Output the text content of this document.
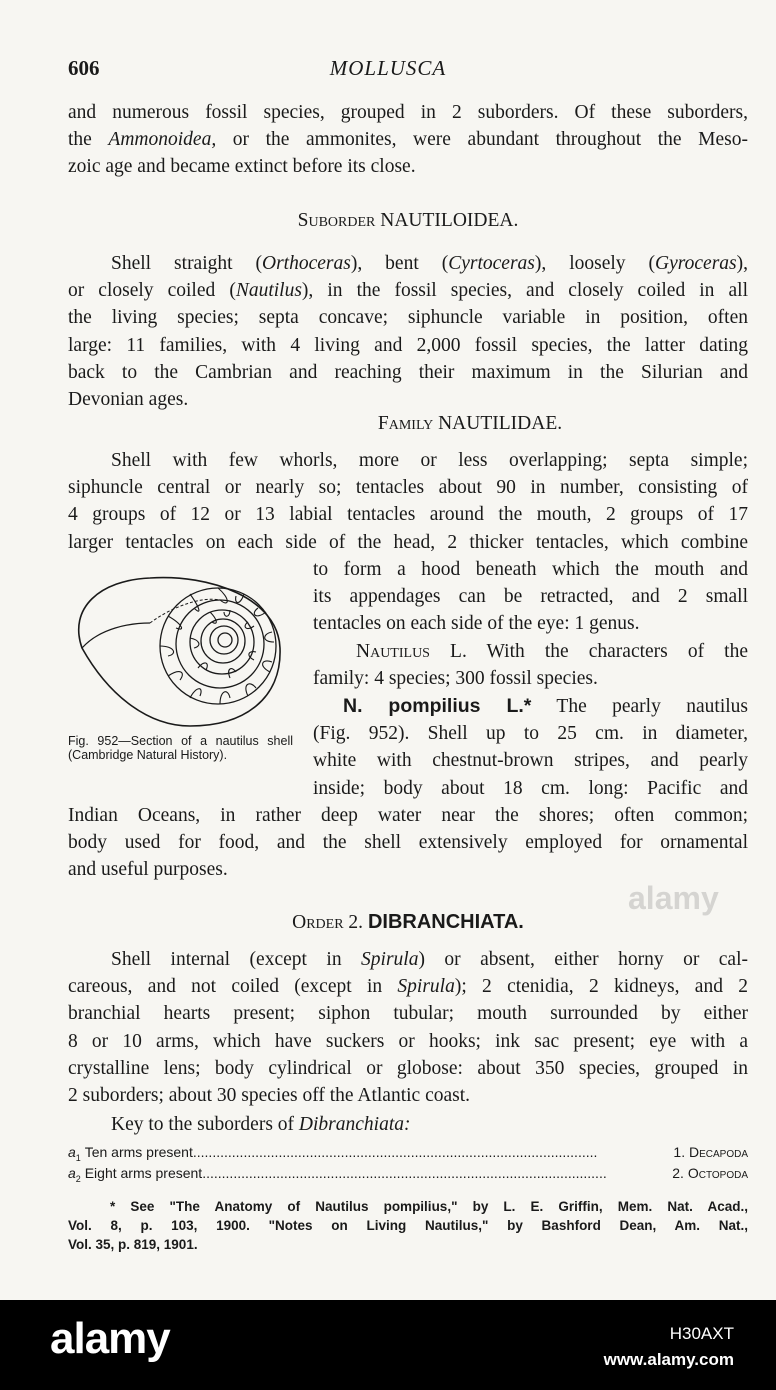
606	MOLLUSCA
and numerous fossil species, grouped in 2 suborders. Of these suborders,
the Ammonoidea, or the ammonites, were abundant throughout the Meso-
zoic age and became extinct before its close.
Suborder NAUTILOIDEA.
Shell straight (Orthoceras), bent (Cyrtoceras), loosely (Gyroceras),
or closely coiled (Nautilus), in the fossil species, and closely coiled in all
the living species; septa concave; siphuncle variable in position, often
large: 11 families, with 4 living and 2,000 fossil species, the latter dating
back to the Cambrian and reaching their maximum in the Silurian and
Devonian ages.
Family NAUTILIDAE.
Shell with few whorls, more or less overlapping; septa simple;
siphuncle central or nearly so; tentacles about 90 in number, consisting of
4 groups of 12 or 13 labial tentacles around the mouth, 2 groups of 17
larger tentacles on each side of the head, 2 thicker tentacles, which combine
to form a hood beneath which the mouth and
its appendages can be retracted, and 2 small
tentacles on each side of the eye: 1 genus.
Nautilus L. With the characters of the
family: 4 species; 300 fossil species.
N. pompilius L.* The pearly nautilus
(Fig. 952). Shell up to 25 cm. in diameter,
white with chestnut-brown stripes, and pearly
inside; body about 18 cm. long: Pacific and
Indian Oceans, in rather deep water near the shores; often common;
body used for food, and the shell extensively employed for ornamental
and useful purposes.
Fig. 952—Section of a nautilus shell (Cambridge Natural History).
Order 2. DIBRANCHIATA.
Shell internal (except in Spirula) or absent, either horny or cal-
careous, and not coiled (except in Spirula); 2 ctenidia, 2 kidneys, and 2
branchial hearts present; siphon tubular; mouth surrounded by either
8 or 10 arms, which have suckers or hooks; ink sac present; eye with a
crystalline lens; body cylindrical or globose: about 350 species, grouped in
2 suborders; about 30 species off the Atlantic coast.
Key to the suborders of Dibranchiata:
$a_1$ Ten arms present ........................................................................................................	1. Decapoda
$a_2$ Eight arms present ........................................................................................................	2. Octopoda
* See "The Anatomy of Nautilus pompilius," by L. E. Griffin, Mem. Nat. Acad.,
Vol. 8, p. 103, 1900. "Notes on Living Nautilus," by Bashford Dean, Am. Nat.,
Vol. 35, p. 819, 1901.
alamy
alamy	H30AXT
www.alamy.com
